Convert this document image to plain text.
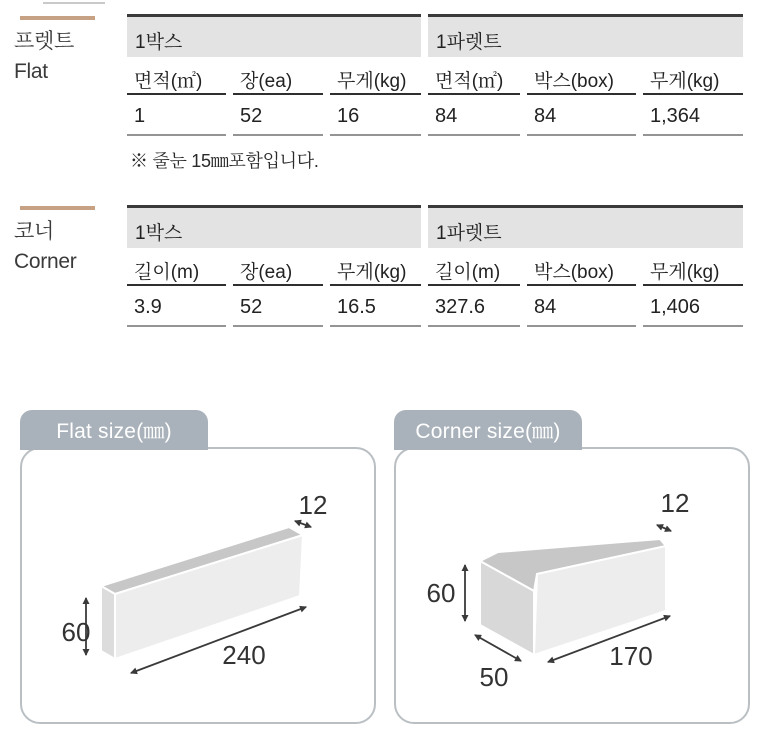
프렛트
Flat
코너
Corner
1박스	1파렛트
면적(㎡)	장(ea)	무게(kg)	면적(㎡)	박스(box)	무게(kg)
1	52	16	84	84	1,364
※ 줄눈 15㎜포함입니다.
1박스	1파렛트
길이(m)	장(ea)	무게(kg)	길이(m)	박스(box)	무게(kg)
3.9	52	16.5	327.6	84	1,406
Flat size(㎜)
60
240
12
Corner size(㎜)
60
50
170
12
